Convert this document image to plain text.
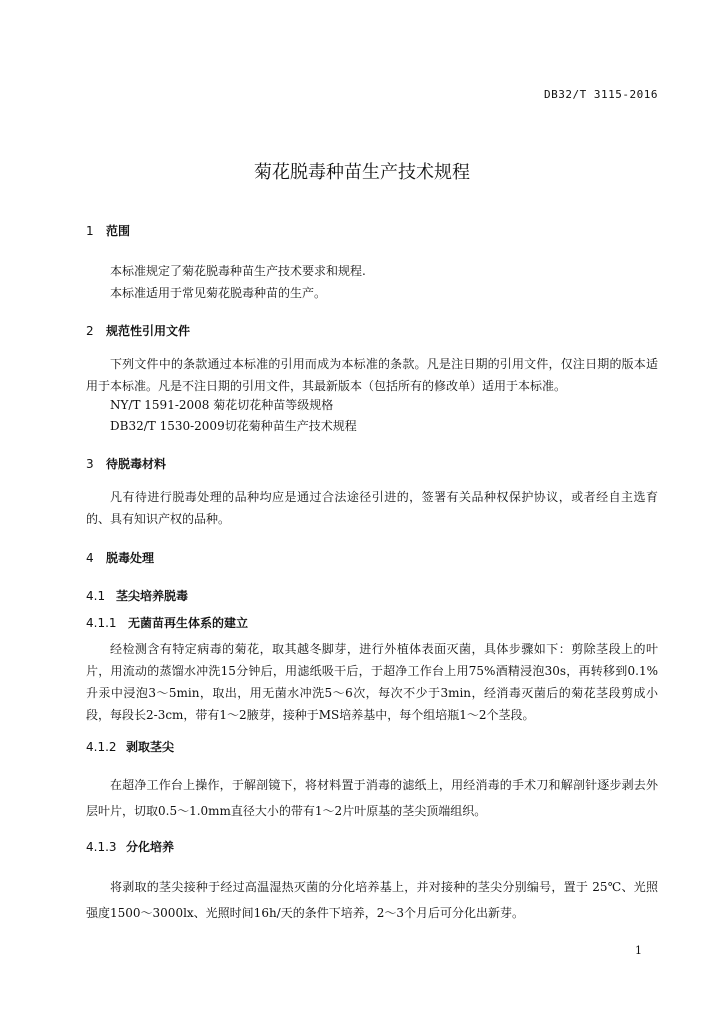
DB32/T 3115-2016
菊花脱毒种苗生产技术规程
1 范围
本标准规定了菊花脱毒种苗生产技术要求和规程.
本标准适用于常见菊花脱毒种苗的生产。
2 规范性引用文件
下列文件中的条款通过本标准的引用而成为本标准的条款。凡是注日期的引用文件，仅注日期的版本适用于本标准。凡是不注日期的引用文件，其最新版本（包括所有的修改单）适用于本标准。
NY/T 1591-2008 菊花切花种苗等级规格
DB32/T 1530-2009切花菊种苗生产技术规程
3 待脱毒材料
凡有待进行脱毒处理的品种均应是通过合法途径引进的，签署有关品种权保护协议，或者经自主选育的、具有知识产权的品种。
4 脱毒处理
4.1 茎尖培养脱毒
4.1.1 无菌苗再生体系的建立
经检测含有特定病毒的菊花，取其越冬脚芽，进行外植体表面灭菌，具体步骤如下：剪除茎段上的叶片，用流动的蒸馏水冲洗15分钟后，用滤纸吸干后，于超净工作台上用75%酒精浸泡30s，再转移到0.1%升汞中浸泡3～5min，取出，用无菌水冲洗5～6次，每次不少于3min，经消毒灭菌后的菊花茎段剪成小段，每段长2-3cm，带有1～2腋芽，接种于MS培养基中，每个组培瓶1～2个茎段。
4.1.2 剥取茎尖
在超净工作台上操作，于解剖镜下，将材料置于消毒的滤纸上，用经消毒的手术刀和解剖针逐步剥去外层叶片，切取0.5～1.0mm直径大小的带有1～2片叶原基的茎尖顶端组织。
4.1.3 分化培养
将剥取的茎尖接种于经过高温湿热灭菌的分化培养基上，并对接种的茎尖分别编号，置于 25℃、光照强度1500～3000lx、光照时间16h/天的条件下培养，2～3个月后可分化出新芽。
1
